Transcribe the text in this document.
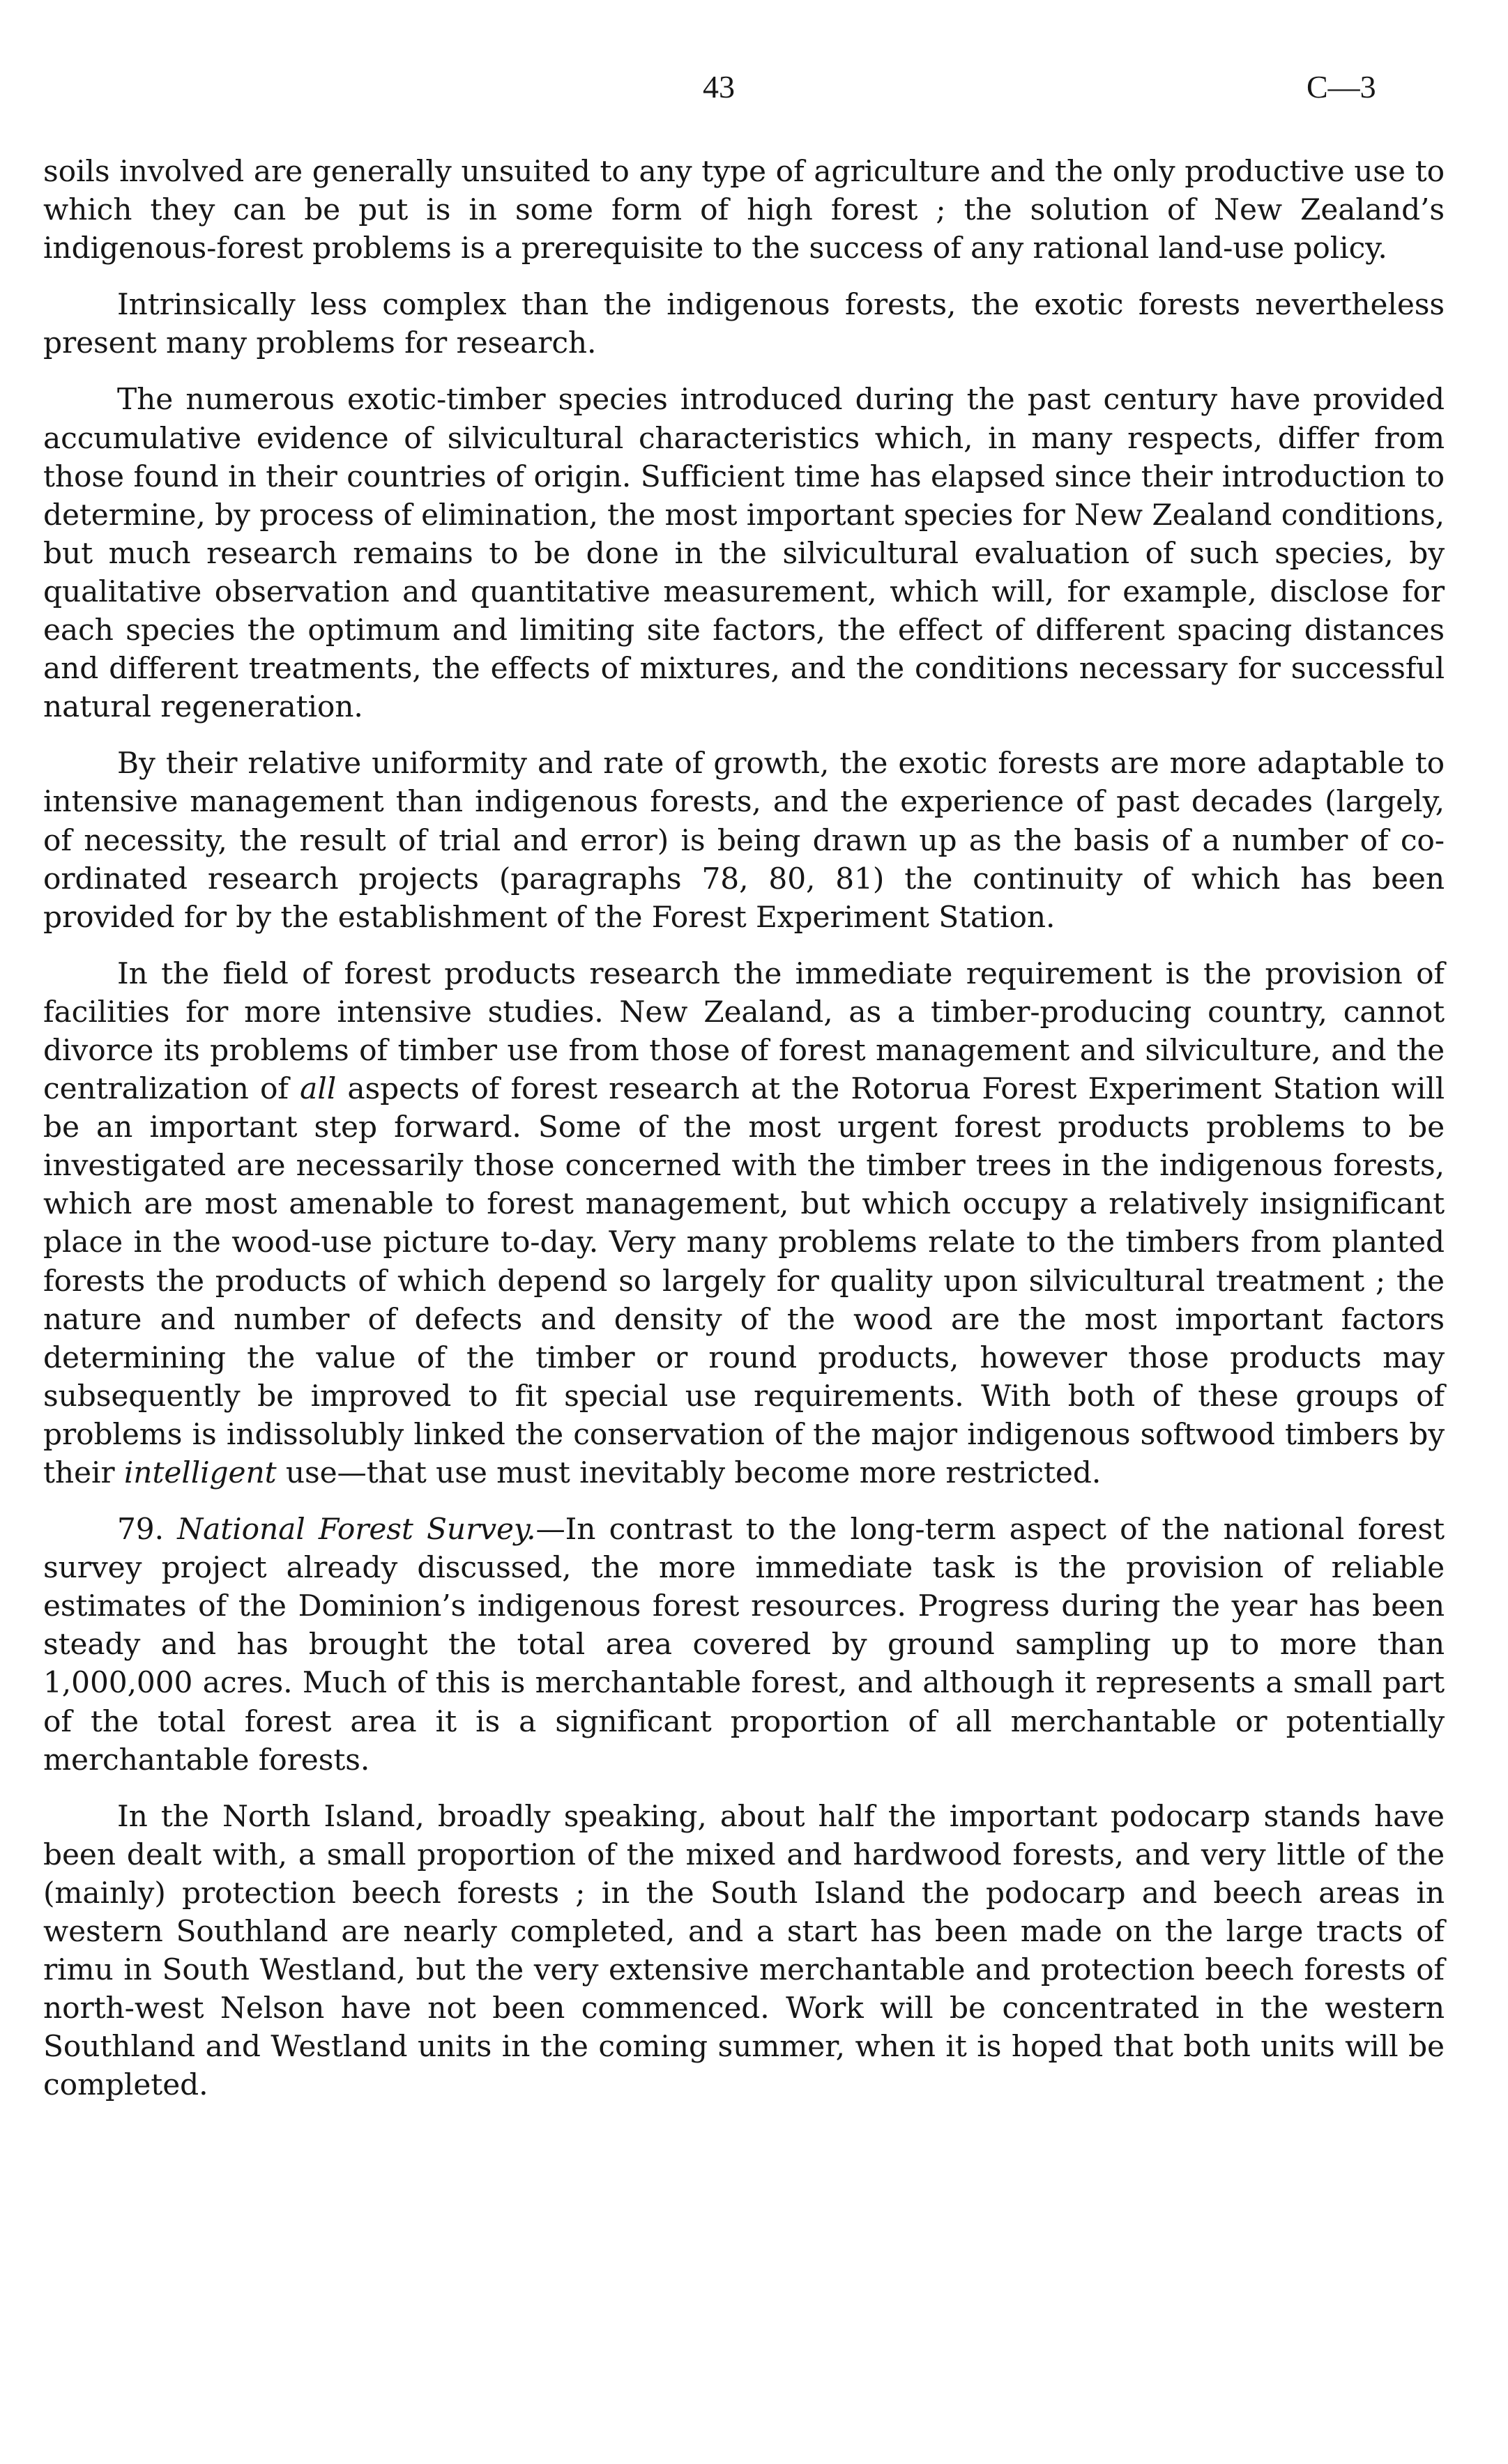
43	C—3

soils involved are generally unsuited to any type of agriculture and the only productive use to which they can be put is in some form of high forest ; the solution of New Zealand’s indigenous-forest problems is a prerequisite to the success of any rational land-use policy.

Intrinsically less complex than the indigenous forests, the exotic forests nevertheless present many problems for research.

The numerous exotic-timber species introduced during the past century have provided accumulative evidence of silvicultural characteristics which, in many respects, differ from those found in their countries of origin. Sufficient time has elapsed since their introduction to determine, by process of elimination, the most important species for New Zealand conditions, but much research remains to be done in the silvicultural evaluation of such species, by qualitative observation and quantitative measurement, which will, for example, disclose for each species the optimum and limiting site factors, the effect of different spacing distances and different treatments, the effects of mixtures, and the conditions necessary for successful natural regeneration.

By their relative uniformity and rate of growth, the exotic forests are more adaptable to intensive management than indigenous forests, and the experience of past decades (largely, of necessity, the result of trial and error) is being drawn up as the basis of a number of co-ordinated research projects (paragraphs 78, 80, 81) the continuity of which has been provided for by the establishment of the Forest Experiment Station.

In the field of forest products research the immediate requirement is the provision of facilities for more intensive studies. New Zealand, as a timber-producing country, cannot divorce its problems of timber use from those of forest management and silviculture, and the centralization of all aspects of forest research at the Rotorua Forest Experiment Station will be an important step forward. Some of the most urgent forest products problems to be investigated are necessarily those concerned with the timber trees in the indigenous forests, which are most amenable to forest management, but which occupy a relatively insignificant place in the wood-use picture to-day. Very many problems relate to the timbers from planted forests the products of which depend so largely for quality upon silvicultural treatment ; the nature and number of defects and density of the wood are the most important factors determining the value of the timber or round products, however those products may subsequently be improved to fit special use requirements. With both of these groups of problems is indissolubly linked the conservation of the major indigenous softwood timbers by their intelligent use—that use must inevitably become more restricted.

79. National Forest Survey.—In contrast to the long-term aspect of the national forest survey project already discussed, the more immediate task is the provision of reliable estimates of the Dominion’s indigenous forest resources. Progress during the year has been steady and has brought the total area covered by ground sampling up to more than 1,000,000 acres. Much of this is merchantable forest, and although it represents a small part of the total forest area it is a significant proportion of all merchantable or potentially merchantable forests.

In the North Island, broadly speaking, about half the important podocarp stands have been dealt with, a small proportion of the mixed and hardwood forests, and very little of the (mainly) protection beech forests ; in the South Island the podocarp and beech areas in western Southland are nearly completed, and a start has been made on the large tracts of rimu in South Westland, but the very extensive merchantable and protection beech forests of north-west Nelson have not been commenced. Work will be concentrated in the western Southland and Westland units in the coming summer, when it is hoped that both units will be completed.
